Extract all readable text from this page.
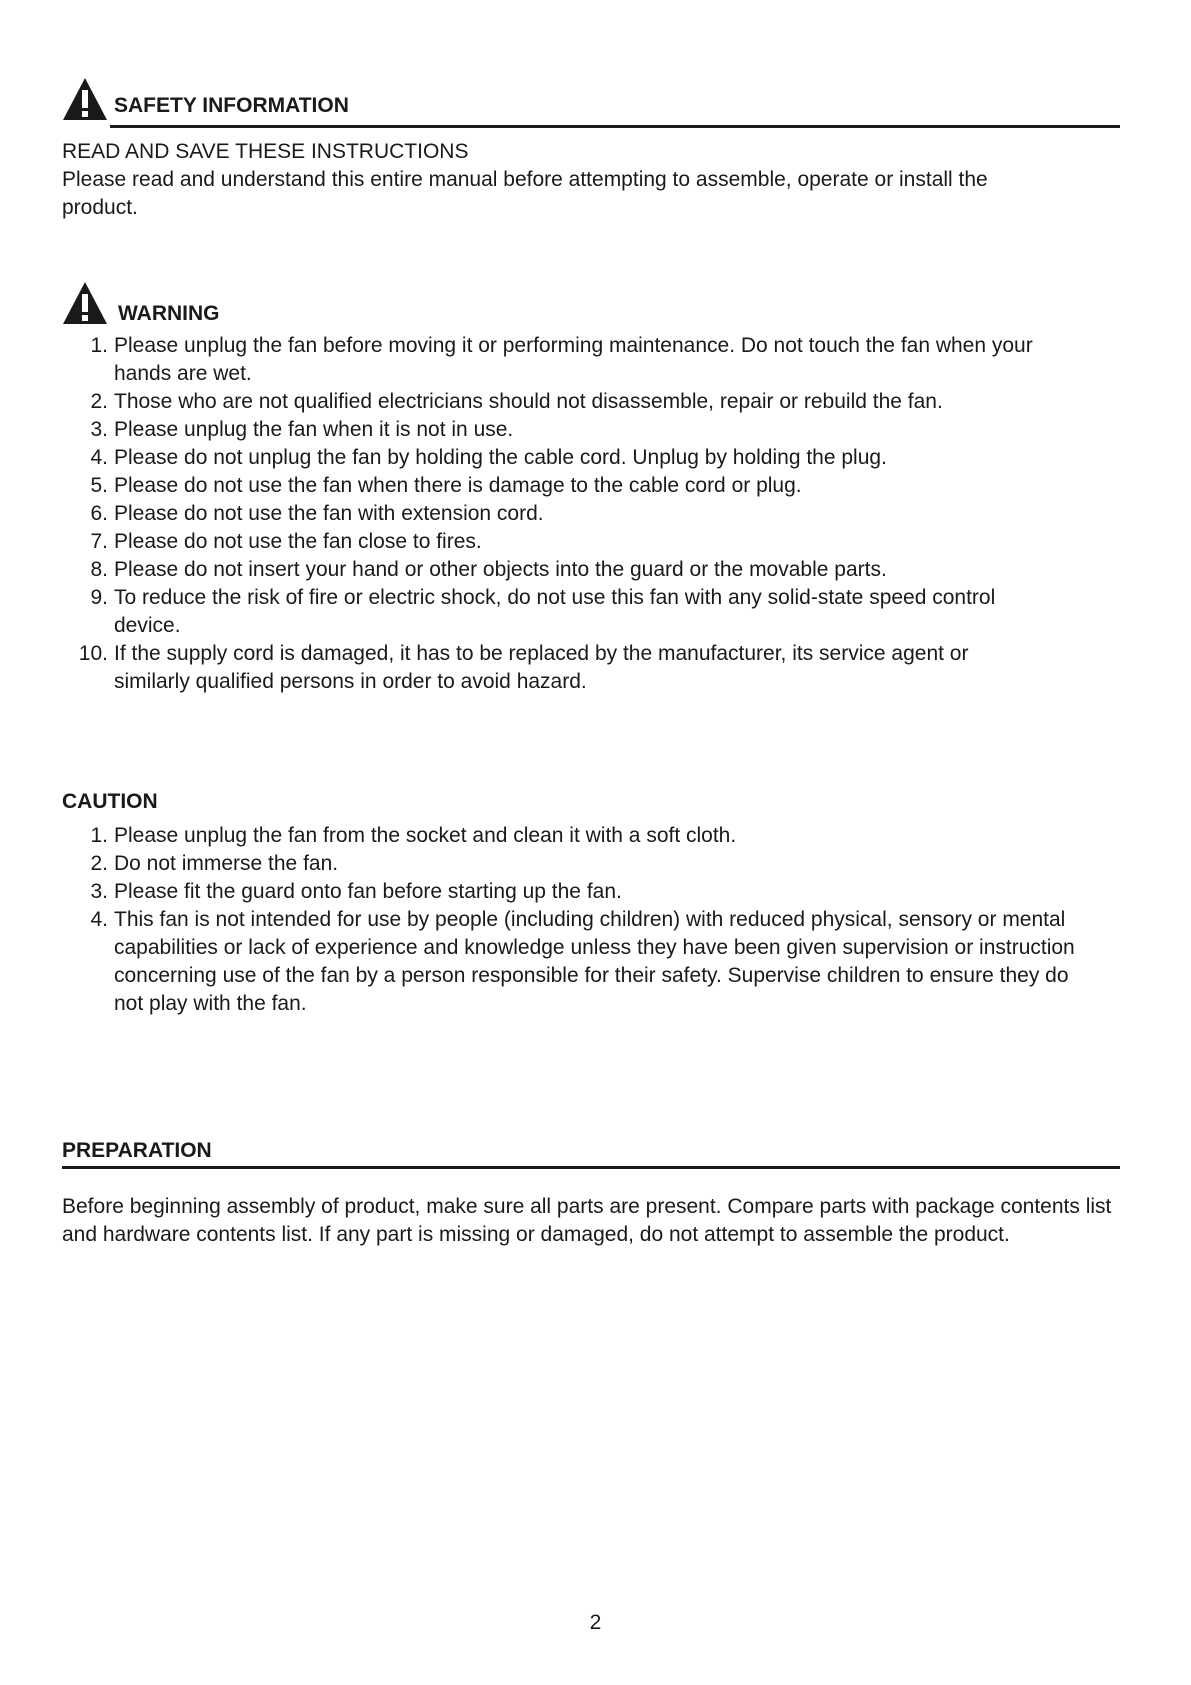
SAFETY INFORMATION

READ AND SAVE THESE INSTRUCTIONS

Please read and understand this entire manual before attempting to assemble, operate or install the product.

WARNING
1. Please unplug the fan before moving it or performing maintenance. Do not touch the fan when your hands are wet.
2. Those who are not qualified electricians should not disassemble, repair or rebuild the fan.
3. Please unplug the fan when it is not in use.
4. Please do not unplug the fan by holding the cable cord. Unplug by holding the plug.
5. Please do not use the fan when there is damage to the cable cord or plug.
6. Please do not use the fan with extension cord.
7. Please do not use the fan close to fires.
8. Please do not insert your hand or other objects into the guard or the movable parts.
9. To reduce the risk of fire or electric shock, do not use this fan with any solid-state speed control device.
10. If the supply cord is damaged, it has to be replaced by the manufacturer, its service agent or similarly qualified persons in order to avoid hazard.
CAUTION
1. Please unplug the fan from the socket and clean it with a soft cloth.
2. Do not immerse the fan.
3. Please fit the guard onto fan before starting up the fan.
4. This fan is not intended for use by people (including children) with reduced physical, sensory or mental capabilities or lack of experience and knowledge unless they have been given supervision or instruction concerning use of the fan by a person responsible for their safety. Supervise children to ensure they do not play with the fan.
PREPARATION

Before beginning assembly of product, make sure all parts are present. Compare parts with package contents list and hardware contents list. If any part is missing or damaged, do not attempt to assemble the product.

2
